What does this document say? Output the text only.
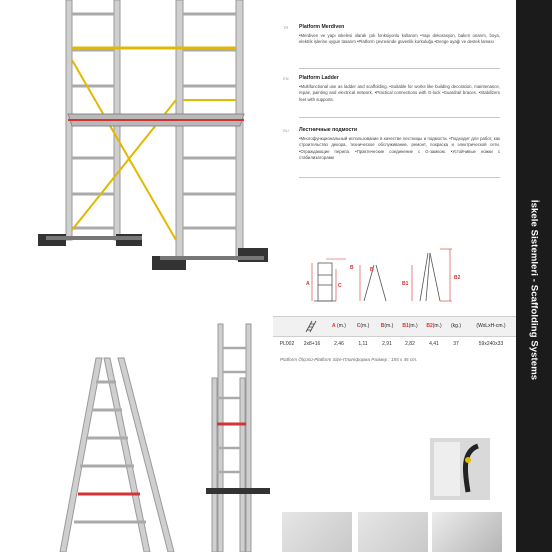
TR Platform Merdiven
•Merdiven ve yapı iskelesi olarak çok fonksiyonlu kullanım •Yapı dekorasyon, bakım onarım, boya, elektrik işlerine uygun tasarım •Platform çevresinde güvenlik korkuluğu •Denge ayağı ve destek laması
EN Platform Ladder
•Multifunctional use as ladder and scaffolding. •Suitable for works like building decoration, maintenance, repair, painting and electrical network. •Practical connections with G-lock •Guardrail braces. •Stabilizers feet with supports.
RU Лестничные подмости
•Многофункциональный использование в качестве лестницы и подмости. •Подходит для работ, как строительство декора, техническое обслуживание, ремонт, покраска и электрической сети. •Ограждающие перила. •Практические соединение с G-замком. •Устойчивые ножки с стабилизаторами
İskele Sistemleri - Scaffolding Systems
A	C
B	B
B1
B2
A (m.)	C(m.)	B(m.)	B1(m.)	B2(m.)	(kg.)	(WxLxH-cm.)
PL002	2x8+16	2,46	1,11	2,91	2,82	4,41	37	59x240x33
Platform Ölçüsü-Platform Size-Платформа Размер : 155 x 45 cm.
